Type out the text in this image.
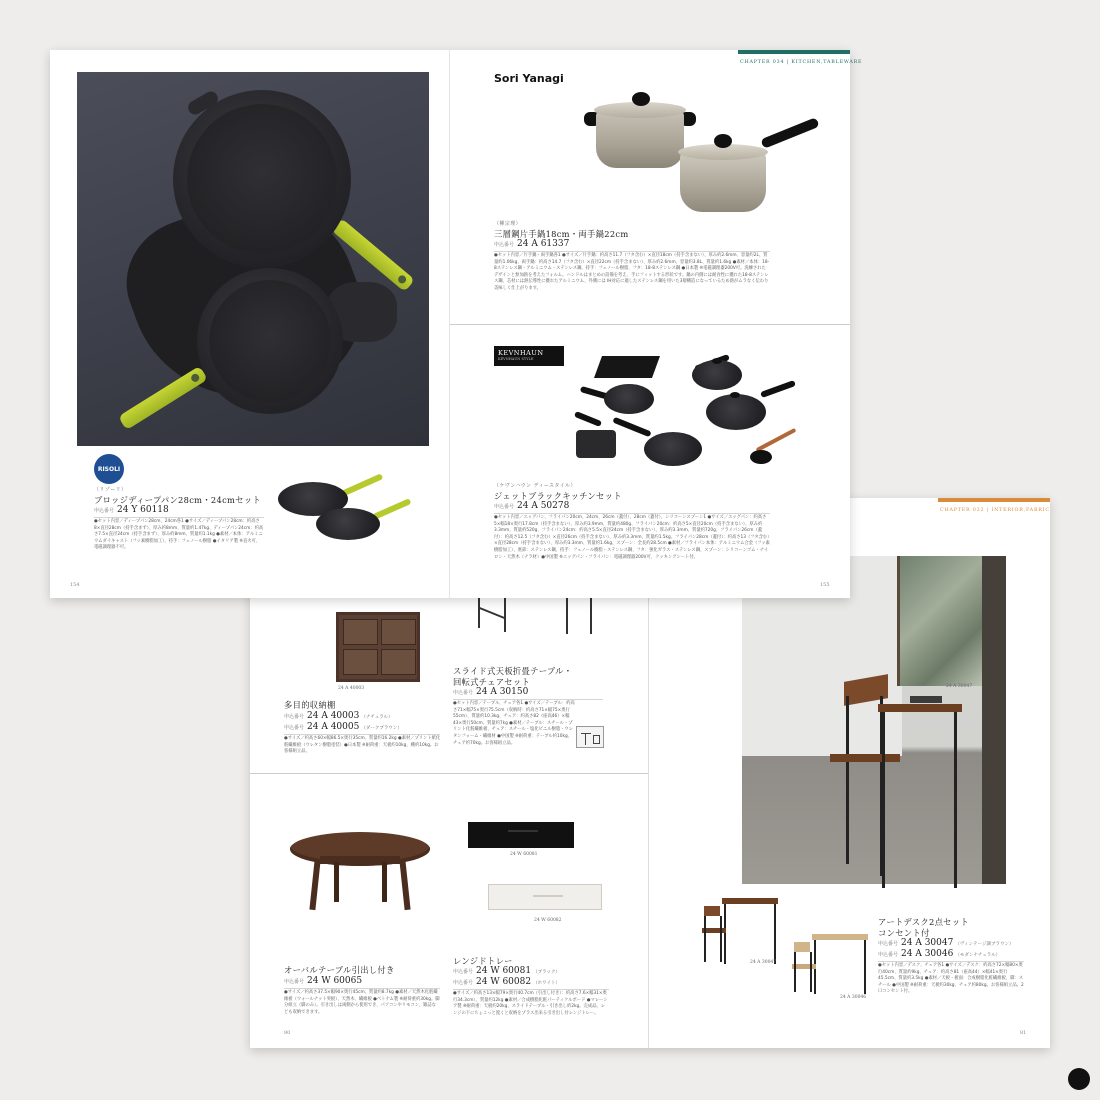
CHAPTER 032 | INTERIOR,FABRIC
24 A 40003
多目的収納棚
申込番号 24 A 40003 （ナチュラル）
申込番号 24 A 40005 （ダークブラウン）
●サイズ／約高さ60×幅86.5×奥行35cm、質量約16.2kg ●素材／プリント紙化粧繊維板（ウレタン樹脂塗装）●日本製 ※耐荷重：天板約10kg、棚約10kg。お客様組立品。
スライド式天板折畳テーブル・
回転式チェアセット
申込番号 24 A 30150
●セット内容／テーブル、チェア各1 ●サイズ／テーブル：約高さ71×幅75×奥行75.5cm（収納時：約高さ71×幅75×奥行55cm）、質量約10.3kg、チェア：約高さ82（座高46）×幅43×奥行50cm、質量約7kg ●素材／テーブル：スチール・プリント化粧繊維板、チェア：スチール・塩化ビニル樹脂・ウレタンフォーム・繊維材 ●中国製 ※耐荷重：テーブル約10kg、チェア約70kg。お客様組立品。
オーバルテーブル引出し付き
申込番号 24 W 60065
●サイズ／約高さ37.5×幅90×奥行45cm、質量約8.7kg ●素材／天然木化粧繊維板（ウォールナット突板）、天然木、繊維板 ●ベトナム製 ※耐荷重約30kg。脚分組立（脚のみ）。引き出しは両側から使用でき、パソコンやリモコン、雑誌なども収納できます。
24 W 60081
24 W 60082
レンジドトレー
申込番号 24 W 60081 （ブラック）
申込番号 24 W 60082 （ホワイト）
●サイズ／約高さ13×幅79×奥行40.7cm（引出し付き）：約高さ7.6×幅31×奥行34.3cm）、質量約12kg ●素材／合成樹脂化粧パーティクルボード ●マレーシア製 ※耐荷重：天板約20kg、スライドテーブル・引き出し約2kg。完成品。レンジの下にちょこっと置くと収納をプラス出来る引き出し付レンジトレー。
80
24 A 30047
24 A 30047
24 A 30046
アートデスク2点セット
コンセント付
申込番号 24 A 30047 （ヴィンテージ調ブラウン）
申込番号 24 A 30046 （モダンナチュラル）
●セット内容／デスク、チェア各1 ●サイズ／デスク：約高さ72×幅80×奥行40cm、質量約9kg、チェア：約高さ81（座高44）×幅41×奥行45.5cm、質量約3.5kg ●素材／天板・板面：合成樹脂化粧繊維板、脚：スチール ●中国製 ※耐荷重：天板約30kg、チェア約80kg。お客様組立品。2口コンセント付。
81
CHAPTER 034 | KITCHEN,TABLEWARE
RISOLI
（リゾーリ）
ブロッジディープパン28cm・24cmセット
申込番号 24 Y 60118
●セット内容／ディープパン28cm、24cm各1 ●サイズ／ディープパン28cm：約高さ8×直径28cm（持手含まず）、厚み約8mm、質量約1.47kg、ディープパン24cm：約高さ7.5×直径24cm（持手含まず）、厚み約8mm、質量約1.1kg ●素材／本体：アルミニウムダイキャスト（フッ素樹脂加工）、持手：フェノール樹脂 ●イタリア製 ※直火可、電磁調理器不可。
154
Sori Yanagi
（柳宗理）
三層鋼片手鍋18cm・両手鍋22cm
申込番号 24 A 61337
●セット内容／片手鍋・両手鍋各1 ●サイズ／片手鍋：約高さ11.7（フタ含む）×直径18cm（持手含まない）、厚み約2.6mm、容量約2L、質量約1.06kg、両手鍋：約高さ14.7（フタ含む）×直径22cm（持手含まない）、厚み約2.6mm、容量約3.8L、質量約1.6kg ●素材／本体：18-8ステンレス鋼・アルミニウム・ステンレス鋼、持手：フェノール樹脂、フタ：18-8ステンレス鋼 ●日本製 ※電磁調理器200V可。洗練されたデザインと無加熱を考えたフォルム。ハンドルはまとめの設備を考え、手にフィットする形状です。鍋の内側には耐食性に優れた18-8ステンレス鋼、芯材には熱伝導性に優れたアルミニウム、外側には IH対応に適したステンレス鋼を用いた3層構造になっているため熱がムラなく伝わり美味しく仕上がります。
KEVNHAUN
KEVNHAUN STYLE
（ケヴンハウン ディースタイル）
ジェットブラックキッチンセット
申込番号 24 A 50278
●セット内容／エッグパン、フライパン20cm、24cm、26cm（蓋付）、28cm（蓋付）、シリコーンスプーン1 ●サイズ／エッグパン：約高さ5×幅18×奥行17.8cm（持手含まない）、厚み約3.9mm、質量約480g、フライパン20cm：約高さ5×直径20cm（持手含まない）、厚み約3.3mm、質量約520g、フライパン24cm：約高さ5.5×直径24cm（持手含まない）、厚み約3.3mm、質量約720g、フライパン26cm（蓋付）：約高さ12.5（フタ含む）×直径26cm（持手含まない）、厚み約3.3mm、質量約1.5kg、フライパン28cm（蓋付）：約高さ13（フタ含む）×直径28cm（持手含まない）、厚み約3.3mm、質量約1.6kg、スプーン：全長約28.5cm ●素材／フライパン本体：アルミニウム合金（フッ素樹脂加工）、底部：ステンレス鋼、持手：フェノール樹脂・ステンレス鋼、フタ：強化ガラス・ステンレス鋼、スプーン：シリコーンゴム・ナイロン・天然木（ナラ材）●中国製 ※エッグパン・フライパン：電磁調理器200V可、クッキングシート付。
155
